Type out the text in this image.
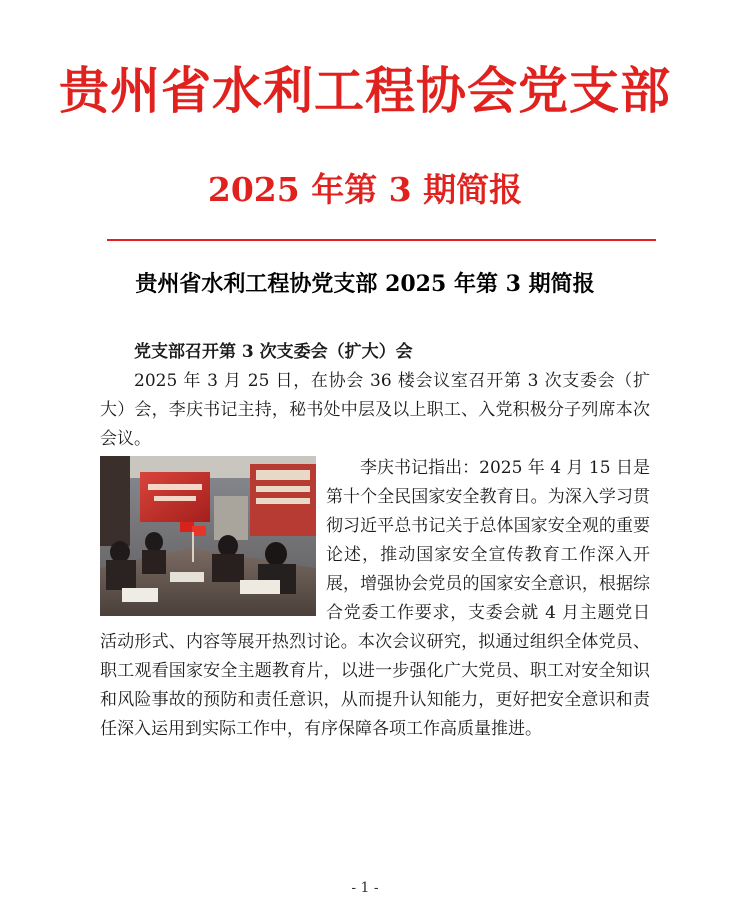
贵州省水利工程协会党支部
2025 年第 3 期简报
贵州省水利工程协党支部 2025 年第 3 期简报

党支部召开第 3 次支委会（扩大）会

2025 年 3 月 25 日，在协会 36 楼会议室召开第 3 次支委会（扩大）会，李庆书记主持，秘书处中层及以上职工、入党积极分子列席本次会议。

李庆书记指出：2025 年 4 月 15 日是第十个全民国家安全教育日。为深入学习贯彻习近平总书记关于总体国家安全观的重要论述，推动国家安全宣传教育工作深入开展，增强协会党员的国家安全意识，根据综合党委工作要求，支委会就 4 月主题党日活动形式、内容等展开热烈讨论。本次会议研究，拟通过组织全体党员、职工观看国家安全主题教育片，以进一步强化广大党员、职工对安全知识和风险事故的预防和责任意识，从而提升认知能力，更好把安全意识和责任深入运用到实际工作中，有序保障各项工作高质量推进。

- 1 -
